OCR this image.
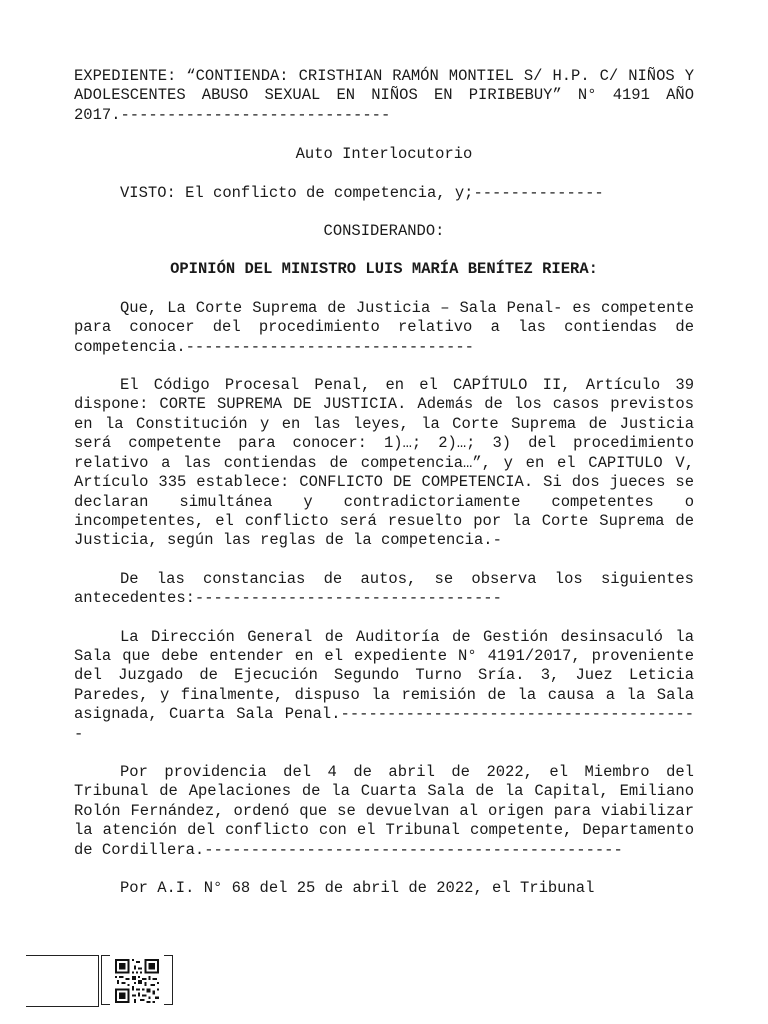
EXPEDIENTE: “CONTIENDA: CRISTHIAN RAMÓN MONTIEL S/ H.P. C/ NIÑOS Y ADOLESCENTES ABUSO SEXUAL EN NIÑOS EN PIRIBEBUY” N° 4191 AÑO 2017.-----------------------------

Auto Interlocutorio

VISTO: El conflicto de competencia, y;--------------

CONSIDERANDO:

OPINIÓN DEL MINISTRO LUIS MARÍA BENÍTEZ RIERA:

Que, La Corte Suprema de Justicia – Sala Penal- es competente para conocer del procedimiento relativo a las contiendas de competencia.-------------------------------

El Código Procesal Penal, en el CAPÍTULO II, Artículo 39 dispone: CORTE SUPREMA DE JUSTICIA. Además de los casos previstos en la Constitución y en las leyes, la Corte Suprema de Justicia será competente para conocer: 1)…; 2)…; 3) del procedimiento relativo a las contiendas de competencia…”, y en el CAPITULO V, Artículo 335 establece: CONFLICTO DE COMPETENCIA. Si dos jueces se declaran simultánea y contradictoriamente competentes o incompetentes, el conflicto será resuelto por la Corte Suprema de Justicia, según las reglas de la competencia.-

De las constancias de autos, se observa los siguientes antecedentes:---------------------------------

La Dirección General de Auditoría de Gestión desinsaculó la Sala que debe entender en el expediente N° 4191/2017, proveniente del Juzgado de Ejecución Segundo Turno Sría. 3, Juez Leticia Paredes, y finalmente, dispuso la remisión de la causa a la Sala asignada, Cuarta Sala Penal.---------------------------------------

Por providencia del 4 de abril de 2022, el Miembro del Tribunal de Apelaciones de la Cuarta Sala de la Capital, Emiliano Rolón Fernández, ordenó que se devuelvan al origen para viabilizar la atención del conflicto con el Tribunal competente, Departamento de Cordillera.---------------------------------------------

Por A.I. N° 68 del 25 de abril de 2022, el Tribunal
